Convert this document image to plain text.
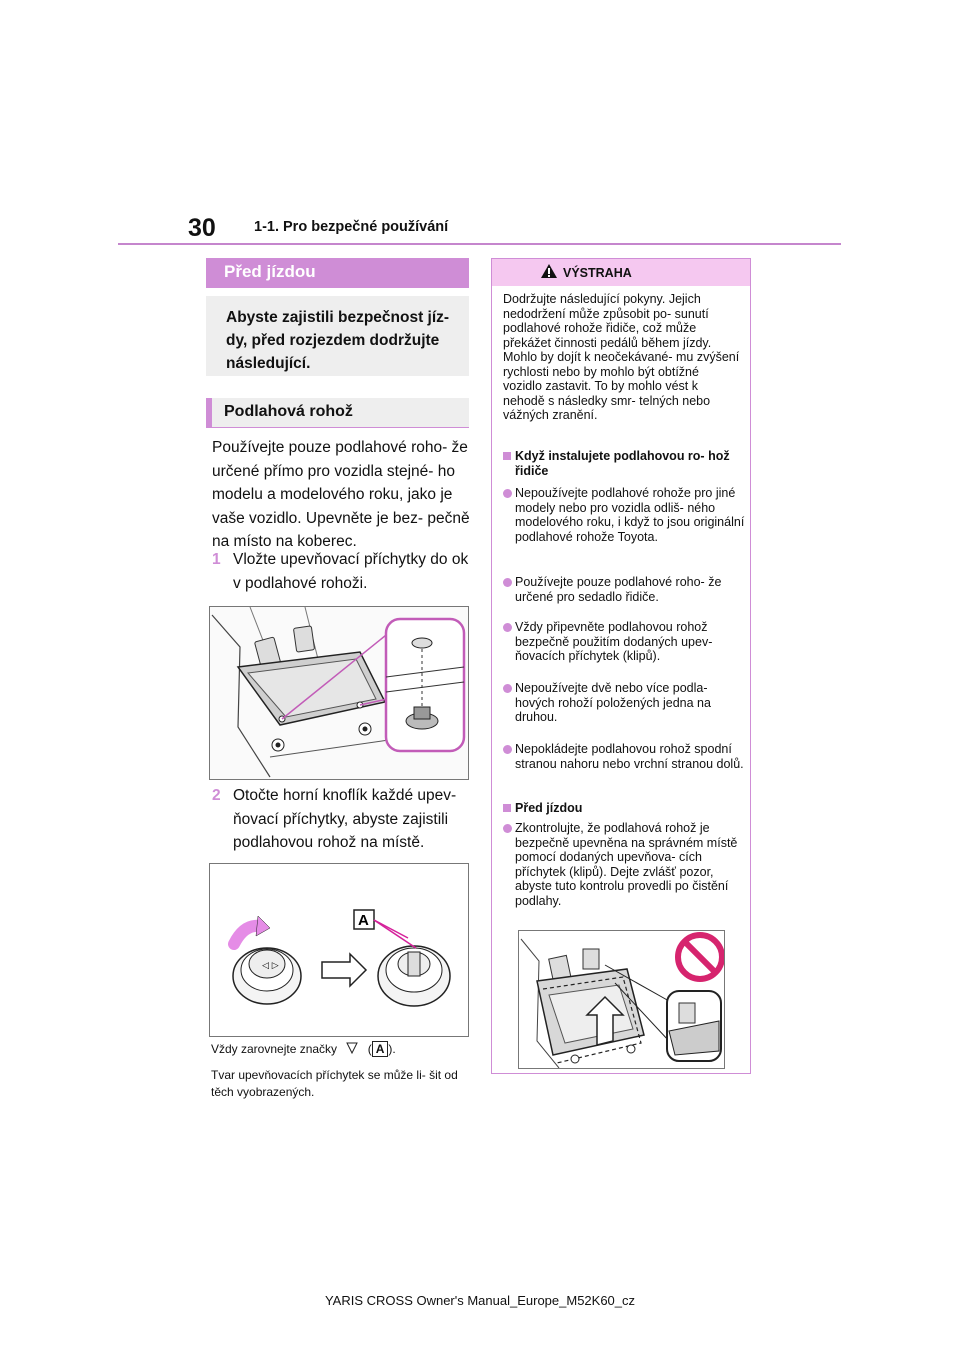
30	1-1. Pro bezpečné používání
Před jízdou
Abyste zajistili bezpečnost jíz- dy, před rozjezdem dodržujte následující.
Podlahová rohož
Používejte pouze podlahové roho- že určené přímo pro vozidla stejné- ho modelu a modelového roku, jako je vaše vozidlo. Upevněte je bez- pečně na místo na koberec.
1 Vložte upevňovací příchytky do ok v podlahové rohoži.
2 Otočte horní knoflík každé upev- ňovací příchytky, abyste zajistili podlahovou rohož na místě.
◁ ▷
A
Vždy zarovnejte značky	( A ).
Tvar upevňovacích příchytek se může li- šit od těch vyobrazených.
VÝSTRAHA
Dodržujte následující pokyny. Jejich nedodržení může způsobit po- sunutí podlahové rohože řidiče, což může překážet činnosti pedálů během jízdy. Mohlo by dojít k neočekávané- mu zvýšení rychlosti nebo by mohlo být obtížné vozidlo zastavit. To by mohlo vést k nehodě s následky smr- telných nebo vážných zranění.
Když instalujete podlahovou ro- hož řidiče
Nepoužívejte podlahové rohože pro jiné modely nebo pro vozidla odliš- ného modelového roku, i když to jsou originální podlahové rohože Toyota.
Používejte pouze podlahové roho- že určené pro sedadlo řidiče.
Vždy připevněte podlahovou rohož bezpečně použitím dodaných upev- ňovacích příchytek (klipů).
Nepoužívejte dvě nebo více podla- hových rohoží položených jedna na druhou.
Nepokládejte podlahovou rohož spodní stranou nahoru nebo vrchní stranou dolů.
Před jízdou
Zkontrolujte, že podlahová rohož je bezpečně upevněna na správném místě pomocí dodaných upevňova- cích příchytek (klipů). Dejte zvlášť pozor, abyste tuto kontrolu provedli po čistění podlahy.
YARIS CROSS Owner's Manual_Europe_M52K60_cz
